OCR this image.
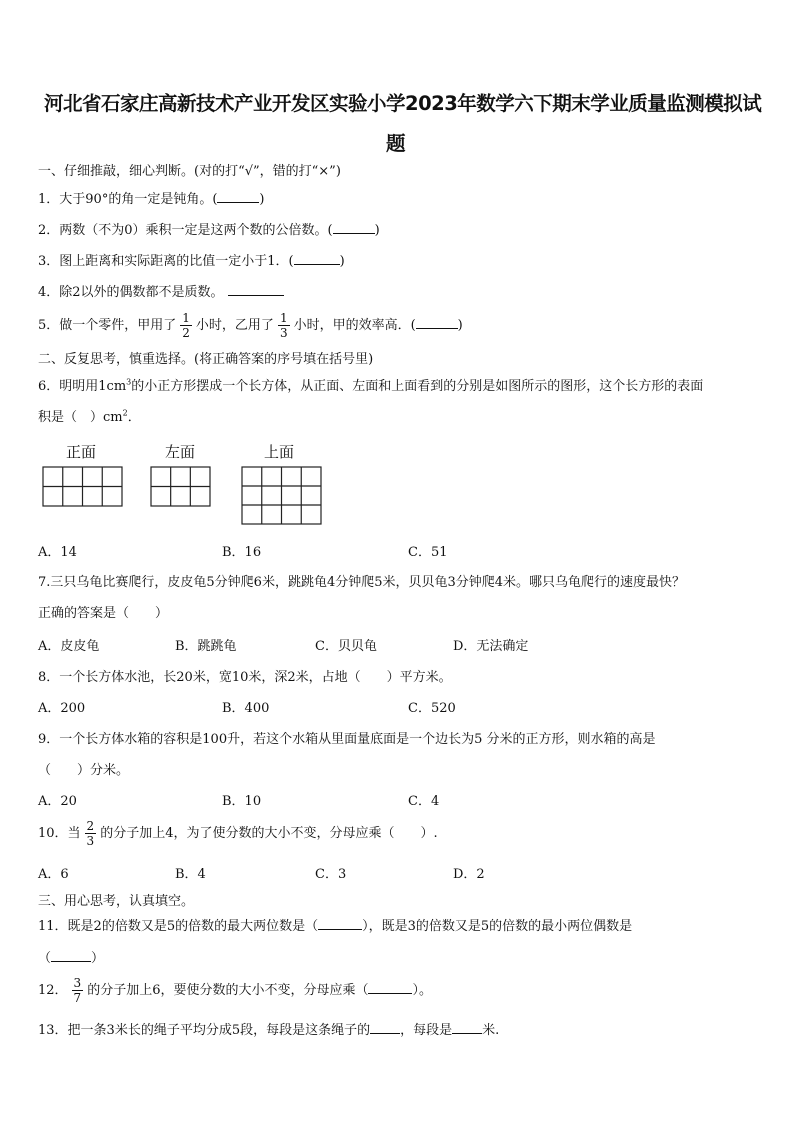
河北省石家庄高新技术产业开发区实验小学2023年数学六下期末学业质量监测模拟试
题
一、仔细推敲，细心判断。(对的打“√”，错的打“×”)
1．大于90°的角一定是钝角。(	)
2．两数（不为0）乘积一定是这两个数的公倍数。(	)
3．图上距离和实际距离的比值一定小于1．(	)
4．除2以外的偶数都不是质数。
5．做一个零件，甲用了 $\frac{1}{2}$ 小时，乙用了 $\frac{1}{3}$ 小时，甲的效率高．(	)
二、反复思考，慎重选择。(将正确答案的序号填在括号里)
6．明明用$1cm^3$的小正方形摆成一个长方体，从正面、左面和上面看到的分别是如图所示的图形，这个长方形的表面
积是（　）$cm^2$．
正面	左面	上面
A．14	B．16	C．51
7.三只乌龟比赛爬行，皮皮龟5分钟爬6米，跳跳龟4分钟爬5米，贝贝龟3分钟爬4米。哪只乌龟爬行的速度最快？
正确的答案是（　　）
A．皮皮龟	B．跳跳龟	C．贝贝龟	D．无法确定
8．一个长方体水池，长20米，宽10米，深2米，占地（　　）平方米。
A．200	B．400	C．520
9．一个长方体水箱的容积是100升，若这个水箱从里面量底面是一个边长为5 分米的正方形，则水箱的高是
（　　）分米。
A．20	B．10	C．4
10．当 $\frac{2}{3}$ 的分子加上4，为了使分数的大小不变，分母应乘（　　）.
A．6	B．4	C．3	D．2
三、用心思考，认真填空。
11．既是2的倍数又是5的倍数的最大两位数是（	），既是3的倍数又是5的倍数的最小两位偶数是
（	）
12． $\frac{3}{7}$ 的分子加上6，要使分数的大小不变，分母应乘（	）。
13．把一条3米长的绳子平均分成5段，每段是这条绳子的 ，每段是 米.
